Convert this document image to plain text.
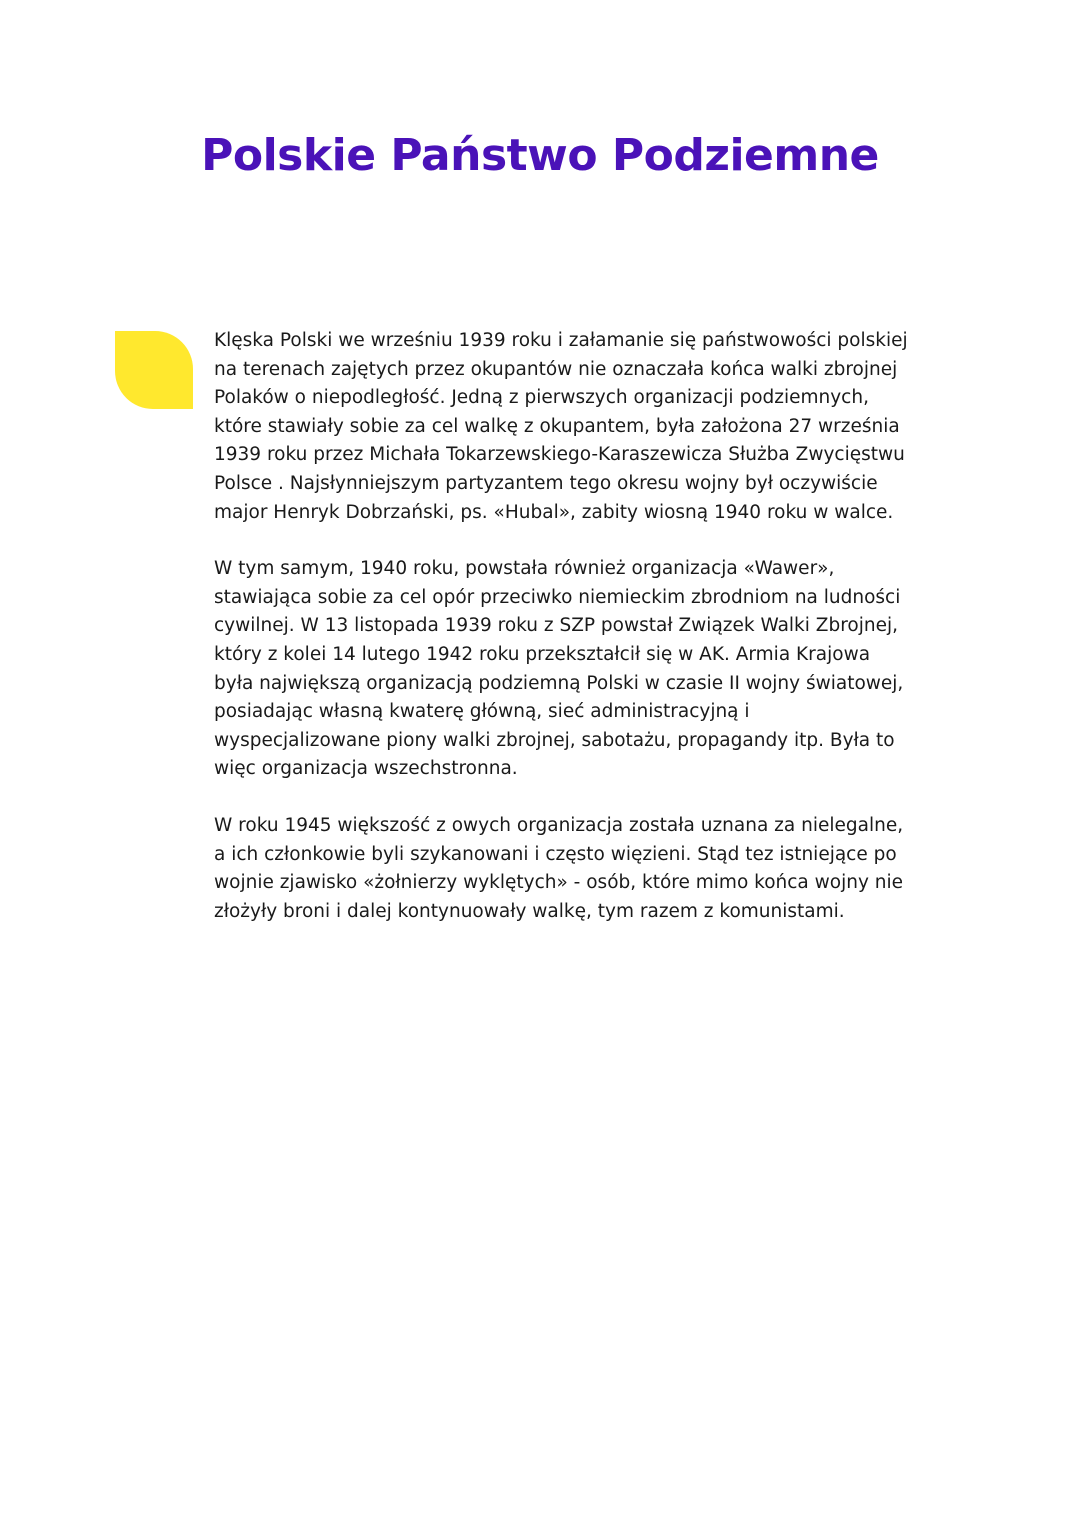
Polskie Państwo Podziemne

Klęska Polski we wrześniu 1939 roku i załamanie się państwowości polskiej na terenach zajętych przez okupantów nie oznaczała końca walki zbrojnej Polaków o niepodległość. Jedną z pierwszych organizacji podziemnych, które stawiały sobie za cel walkę z okupantem, była założona 27 września 1939 roku przez Michała Tokarzewskiego-Karaszewicza Służba Zwycięstwu Polsce . Najsłynniejszym partyzantem tego okresu wojny był oczywiście major Henryk Dobrzański, ps. «Hubal», zabity wiosną 1940 roku w walce.

W tym samym, 1940 roku, powstała również organizacja «Wawer», stawiająca sobie za cel opór przeciwko niemieckim zbrodniom na ludności cywilnej. W 13 listopada 1939 roku z SZP powstał Związek Walki Zbrojnej, który z kolei 14 lutego 1942 roku przekształcił się w AK. Armia Krajowa była największą organizacją podziemną Polski w czasie II wojny światowej, posiadając własną kwaterę główną, sieć administracyjną i wyspecjalizowane piony walki zbrojnej, sabotażu, propagandy itp. Była to więc organizacja wszechstronna.

W roku 1945 większość z owych organizacja została uznana za nielegalne, a ich członkowie byli szykanowani i często więzieni. Stąd tez istniejące po wojnie zjawisko «żołnierzy wyklętych» - osób, które mimo końca wojny nie złożyły broni i dalej kontynuowały walkę, tym razem z komunistami.
